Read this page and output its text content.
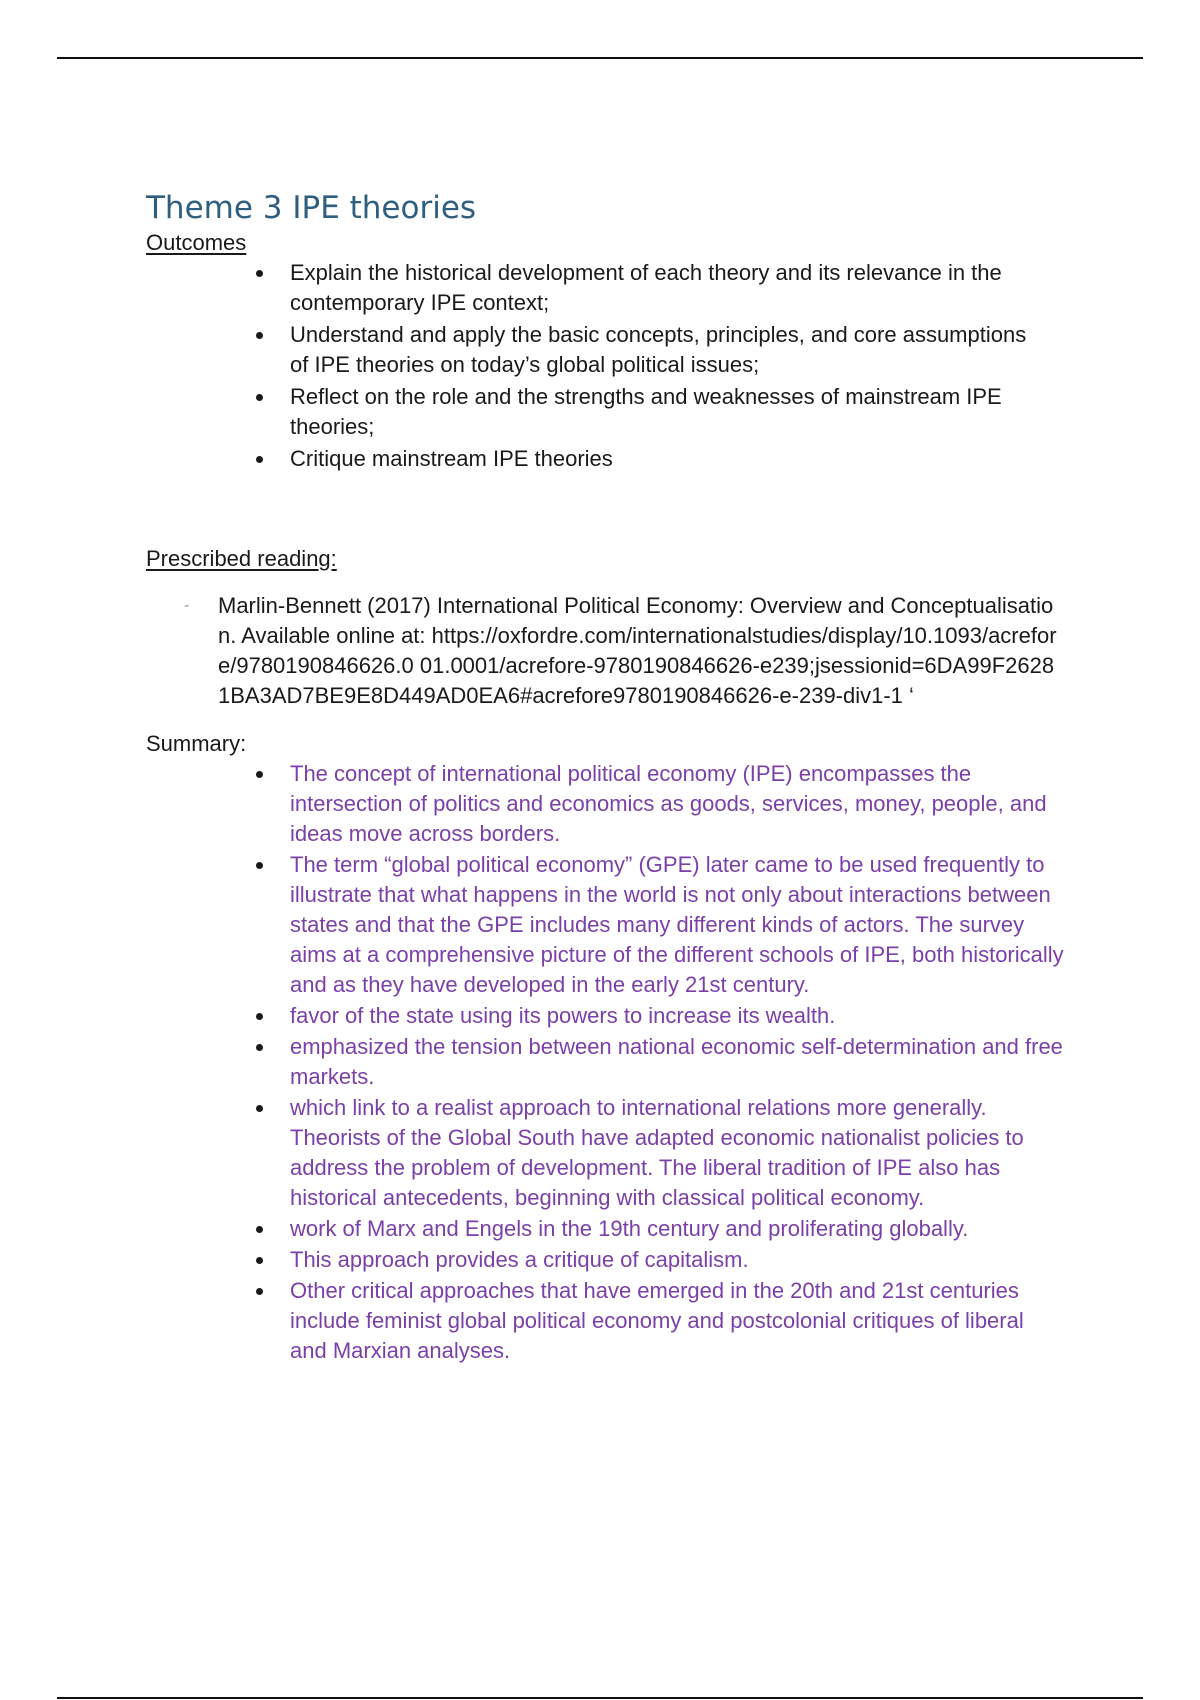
Theme 3 IPE theories

Outcomes

Explain the historical development of each theory and its relevance in the contemporary IPE context;
Understand and apply the basic concepts, principles, and core assumptions of IPE theories on today’s global political issues;
Reflect on the role and the strengths and weaknesses of mainstream IPE theories;
Critique mainstream IPE theories

Prescribed reading:

- Marlin-Bennett (2017) International Political Economy: Overview and Conceptualisation. Available online at: https://oxfordre.com/internationalstudies/display/10.1093/acrefore/9780190846626.0 01.0001/acrefore-9780190846626-e239;jsessionid=6DA99F26281BA3AD7BE9E8D449AD0EA6#acrefore9780190846626-e-239-div1-1 ‘

Summary:

The concept of international political economy (IPE) encompasses the intersection of politics and economics as goods, services, money, people, and ideas move across borders.
The term “global political economy” (GPE) later came to be used frequently to illustrate that what happens in the world is not only about interactions between states and that the GPE includes many different kinds of actors. The survey aims at a comprehensive picture of the different schools of IPE, both historically and as they have developed in the early 21st century.
favor of the state using its powers to increase its wealth.
emphasized the tension between national economic self-determination and free markets.
which link to a realist approach to international relations more generally. Theorists of the Global South have adapted economic nationalist policies to address the problem of development. The liberal tradition of IPE also has historical antecedents, beginning with classical political economy.
work of Marx and Engels in the 19th century and proliferating globally.
This approach provides a critique of capitalism.
Other critical approaches that have emerged in the 20th and 21st centuries include feminist global political economy and postcolonial critiques of liberal and Marxian analyses.
